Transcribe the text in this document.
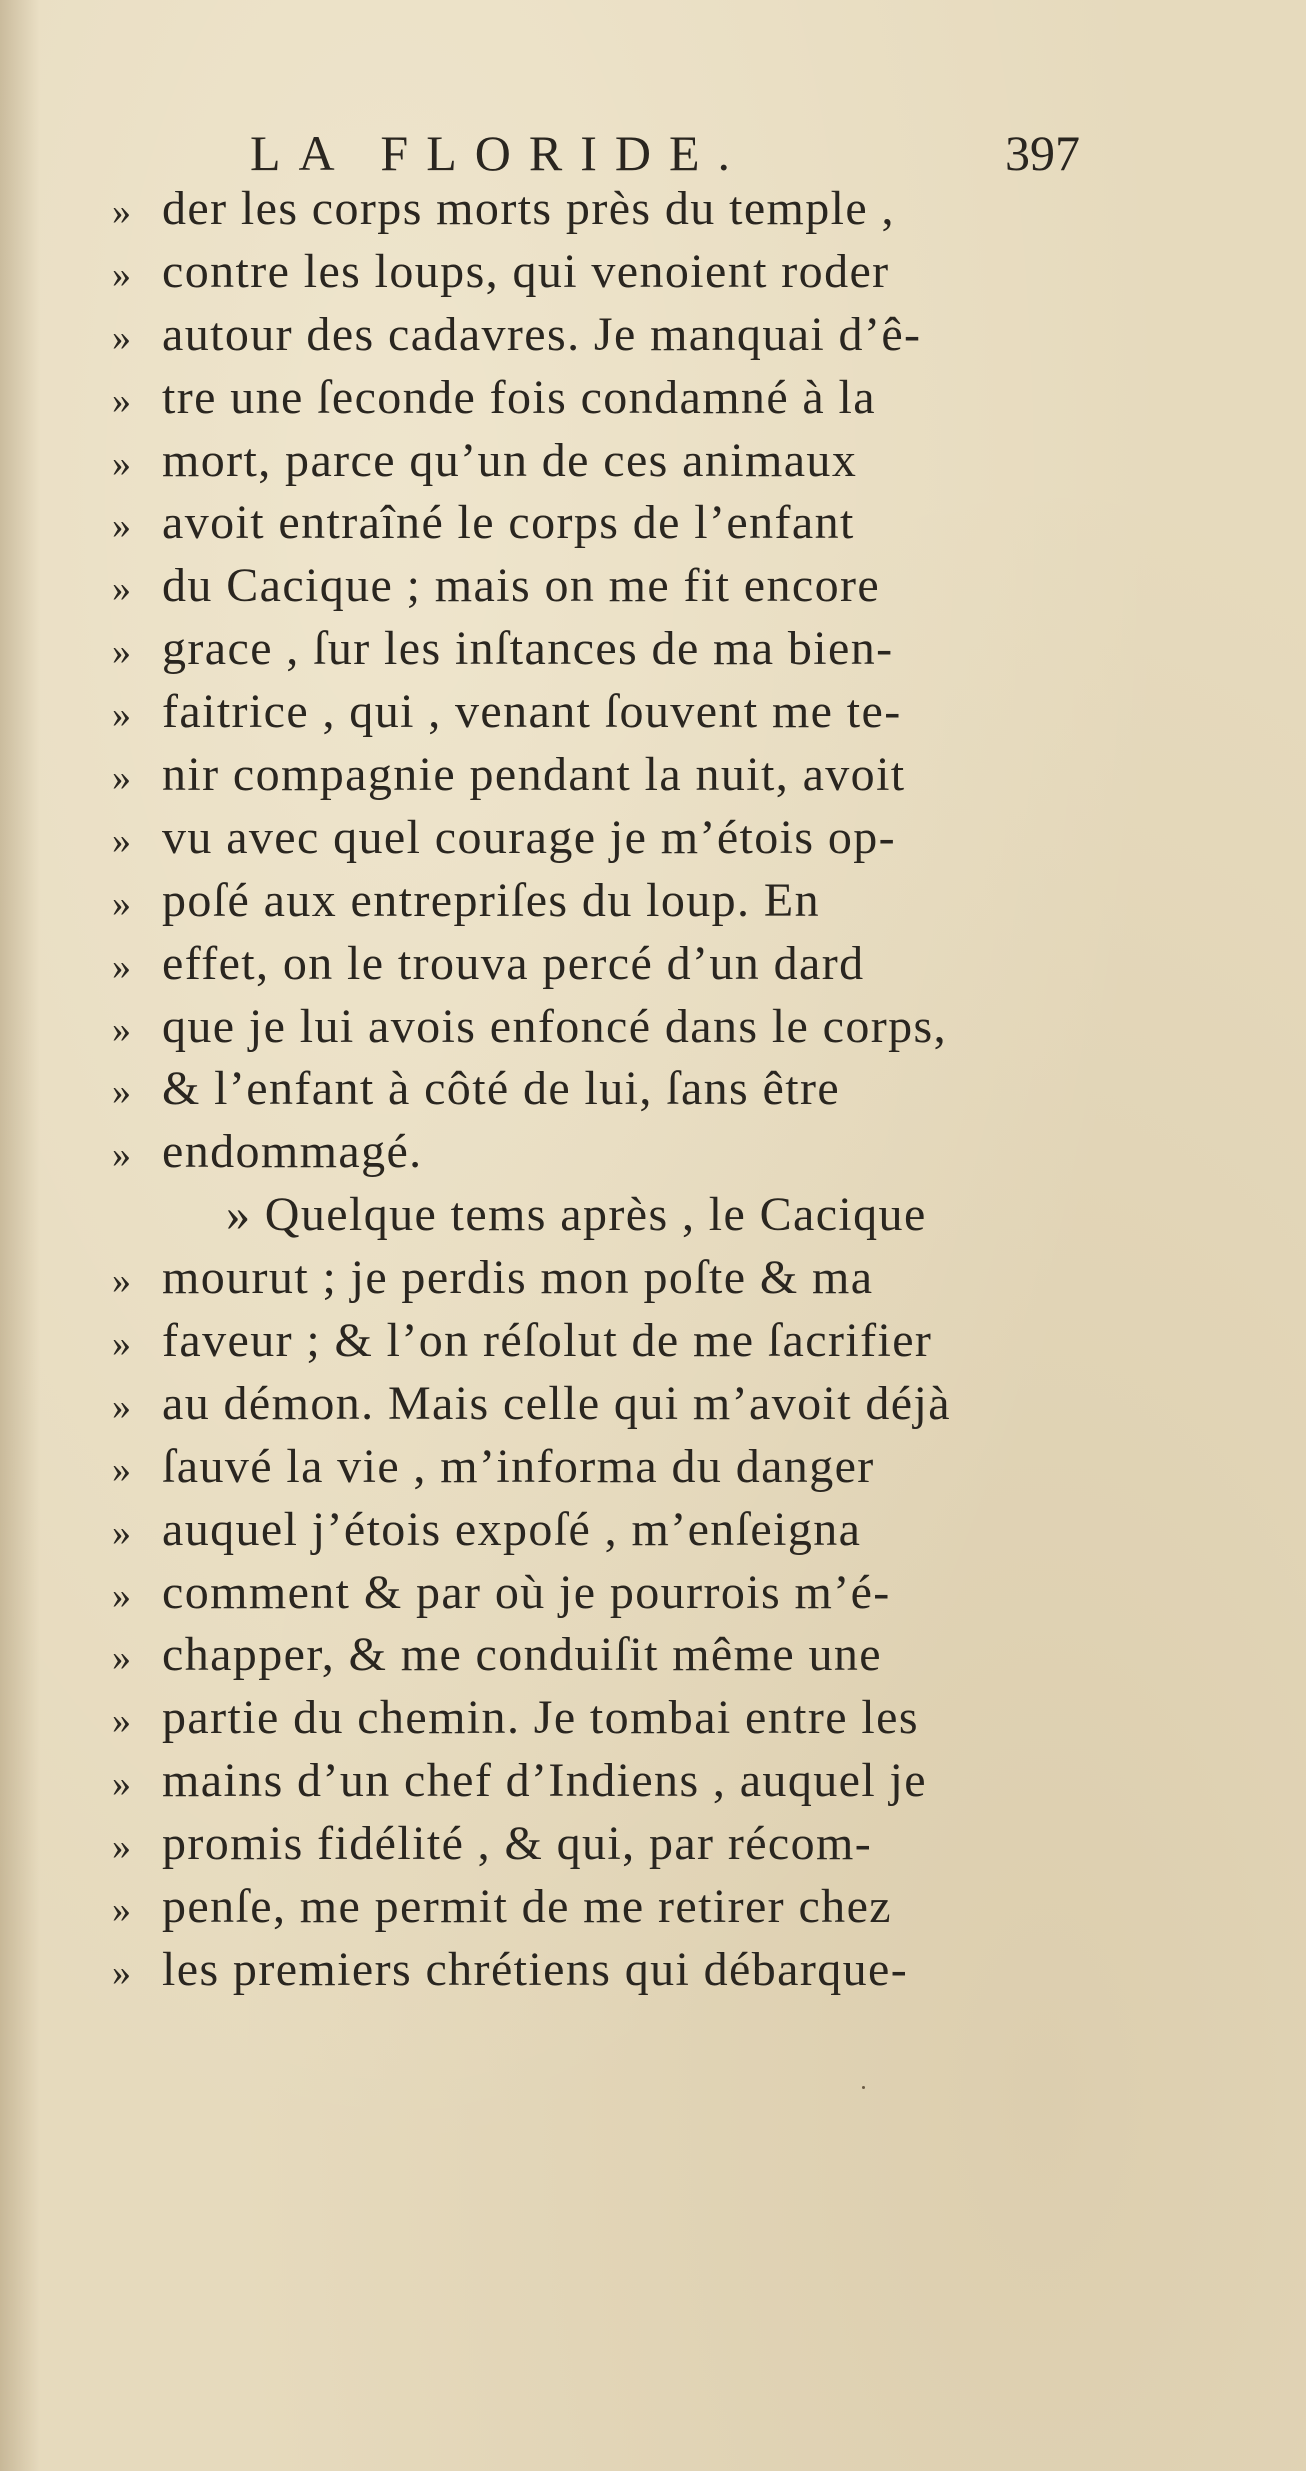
LA FLORIDE.	397
» der les corps morts près du temple ,
» contre les loups, qui venoient roder
» autour des cadavres. Je manquai d’ê-
» tre une ſeconde fois condamné à la
» mort, parce qu’un de ces animaux
» avoit entraîné le corps de l’enfant
» du Cacique ; mais on me fit encore
» grace , ſur les inſtances de ma bien-
» faitrice , qui , venant ſouvent me te-
» nir compagnie pendant la nuit, avoit
» vu avec quel courage je m’étois op-
» poſé aux entrepriſes du loup. En
» effet, on le trouva percé d’un dard
» que je lui avois enfoncé dans le corps,
» & l’enfant à côté de lui, ſans être
» endommagé.
» Quelque tems après , le Cacique
» mourut ; je perdis mon poſte & ma
» faveur ; & l’on réſolut de me ſacrifier
» au démon. Mais celle qui m’avoit déjà
» ſauvé la vie , m’informa du danger
» auquel j’étois expoſé , m’enſeigna
» comment & par où je pourrois m’é-
» chapper, & me conduiſit même une
» partie du chemin. Je tombai entre les
» mains d’un chef d’Indiens , auquel je
» promis fidélité , & qui, par récom-
» penſe, me permit de me retirer chez
» les premiers chrétiens qui débarque-
